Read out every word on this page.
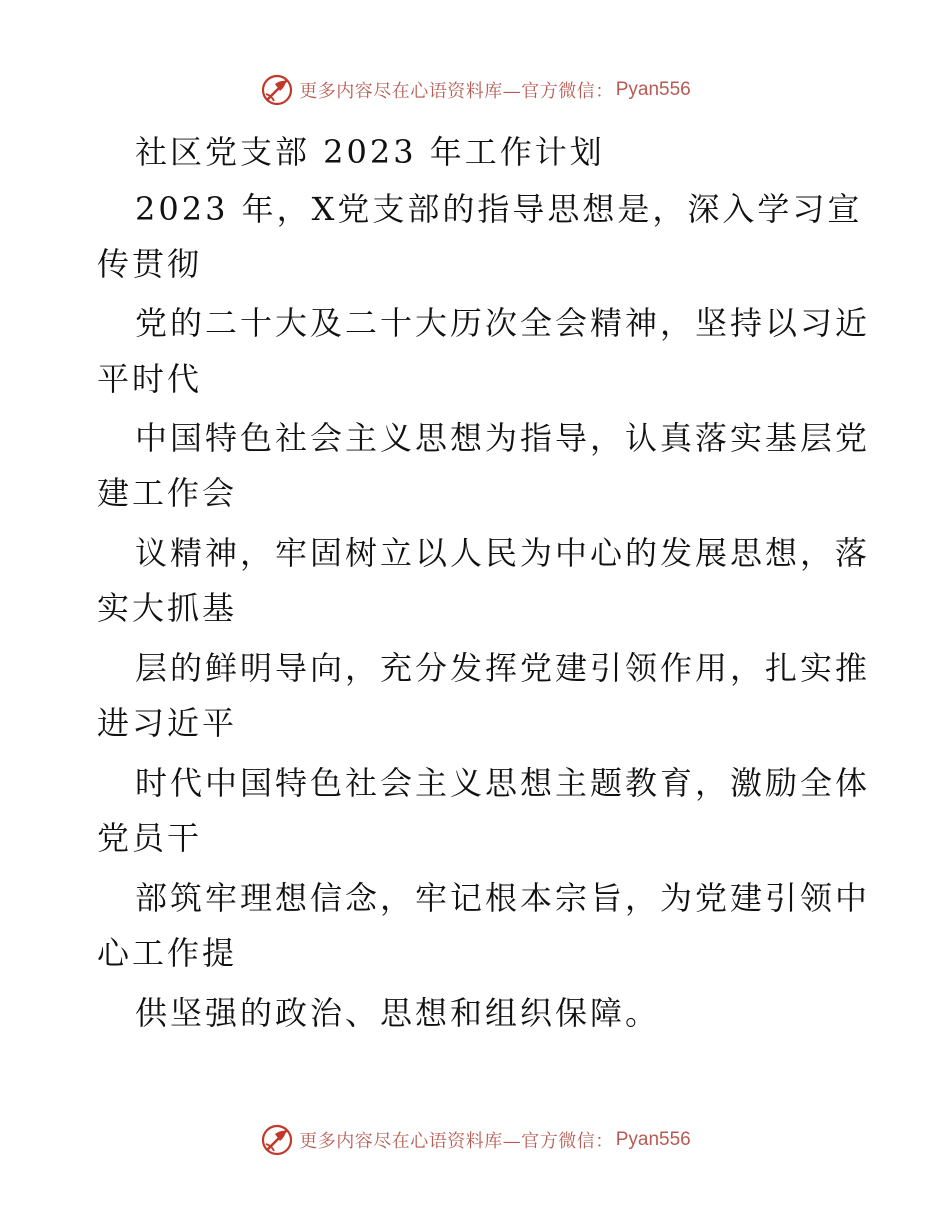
更多内容尽在心语资料库—官方微信： Pyan556
社区党支部 2023 年工作计划
2023 年，X党支部的指导思想是，深入学习宣
传贯彻
党的二十大及二十大历次全会精神，坚持以习近
平时代
中国特色社会主义思想为指导，认真落实基层党
建工作会
议精神，牢固树立以人民为中心的发展思想，落
实大抓基
层的鲜明导向，充分发挥党建引领作用，扎实推
进习近平
时代中国特色社会主义思想主题教育，激励全体
党员干
部筑牢理想信念，牢记根本宗旨，为党建引领中
心工作提
供坚强的政治、思想和组织保障。
更多内容尽在心语资料库—官方微信： Pyan556
